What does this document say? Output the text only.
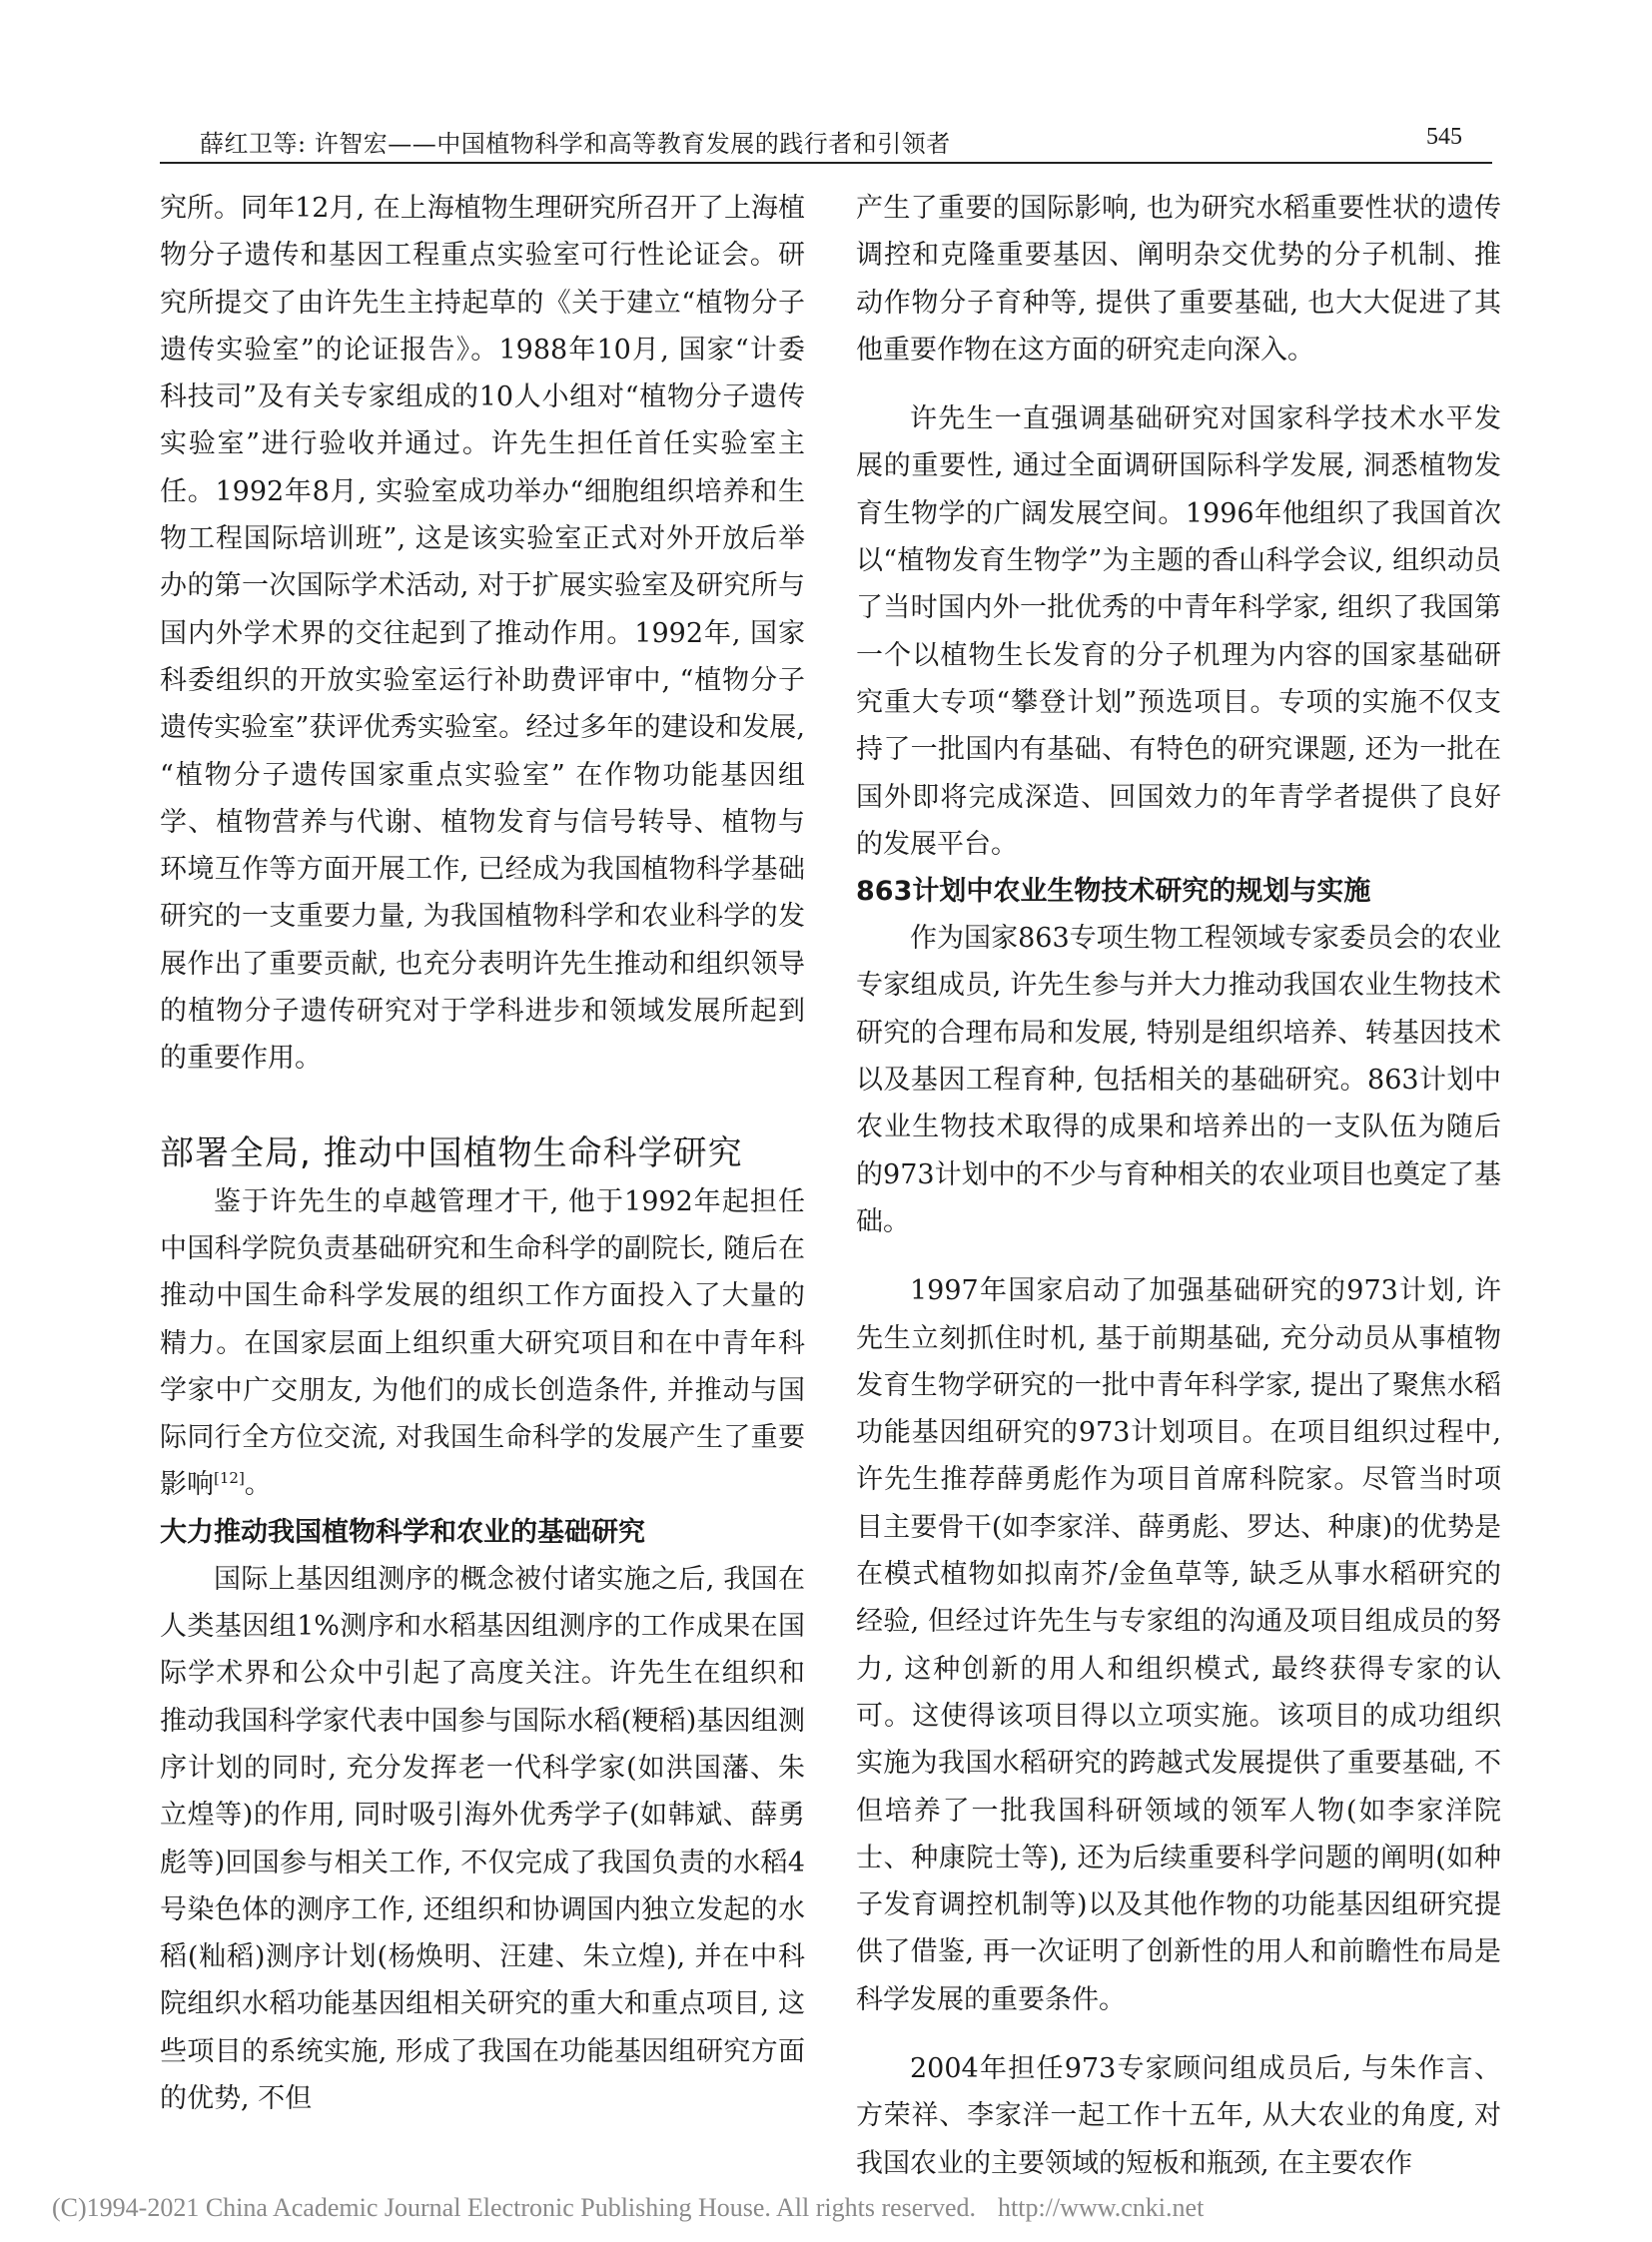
薛红卫等: 许智宏——中国植物科学和高等教育发展的践行者和引领者	545

究所。同年12月, 在上海植物生理研究所召开了上海植物分子遗传和基因工程重点实验室可行性论证会。研究所提交了由许先生主持起草的《关于建立“植物分子遗传实验室”的论证报告》。1988年10月, 国家“计委科技司”及有关专家组成的10人小组对“植物分子遗传实验室”进行验收并通过。许先生担任首任实验室主任。1992年8月, 实验室成功举办“细胞组织培养和生物工程国际培训班”, 这是该实验室正式对外开放后举办的第一次国际学术活动, 对于扩展实验室及研究所与国内外学术界的交往起到了推动作用。1992年, 国家科委组织的开放实验室运行补助费评审中, “植物分子遗传实验室”获评优秀实验室。经过多年的建设和发展, “植物分子遗传国家重点实验室” 在作物功能基因组学、植物营养与代谢、植物发育与信号转导、植物与环境互作等方面开展工作, 已经成为我国植物科学基础研究的一支重要力量, 为我国植物科学和农业科学的发展作出了重要贡献, 也充分表明许先生推动和组织领导的植物分子遗传研究对于学科进步和领域发展所起到的重要作用。

部署全局, 推动中国植物生命科学研究

鉴于许先生的卓越管理才干, 他于1992年起担任中国科学院负责基础研究和生命科学的副院长, 随后在推动中国生命科学发展的组织工作方面投入了大量的精力。在国家层面上组织重大研究项目和在中青年科学家中广交朋友, 为他们的成长创造条件, 并推动与国际同行全方位交流, 对我国生命科学的发展产生了重要影响[12]。

大力推动我国植物科学和农业的基础研究

国际上基因组测序的概念被付诸实施之后, 我国在人类基因组1%测序和水稻基因组测序的工作成果在国际学术界和公众中引起了高度关注。许先生在组织和推动我国科学家代表中国参与国际水稻(粳稻)基因组测序计划的同时, 充分发挥老一代科学家(如洪国藩、朱立煌等)的作用, 同时吸引海外优秀学子(如韩斌、薛勇彪等)回国参与相关工作, 不仅完成了我国负责的水稻4号染色体的测序工作, 还组织和协调国内独立发起的水稻(籼稻)测序计划(杨焕明、汪建、朱立煌), 并在中科院组织水稻功能基因组相关研究的重大和重点项目, 这些项目的系统实施, 形成了我国在功能基因组研究方面的优势, 不但

产生了重要的国际影响, 也为研究水稻重要性状的遗传调控和克隆重要基因、阐明杂交优势的分子机制、推动作物分子育种等, 提供了重要基础, 也大大促进了其他重要作物在这方面的研究走向深入。

许先生一直强调基础研究对国家科学技术水平发展的重要性, 通过全面调研国际科学发展, 洞悉植物发育生物学的广阔发展空间。1996年他组织了我国首次以“植物发育生物学”为主题的香山科学会议, 组织动员了当时国内外一批优秀的中青年科学家, 组织了我国第一个以植物生长发育的分子机理为内容的国家基础研究重大专项“攀登计划”预选项目。专项的实施不仅支持了一批国内有基础、有特色的研究课题, 还为一批在国外即将完成深造、回国效力的年青学者提供了良好的发展平台。

863计划中农业生物技术研究的规划与实施

作为国家863专项生物工程领域专家委员会的农业专家组成员, 许先生参与并大力推动我国农业生物技术研究的合理布局和发展, 特别是组织培养、转基因技术以及基因工程育种, 包括相关的基础研究。863计划中农业生物技术取得的成果和培养出的一支队伍为随后的973计划中的不少与育种相关的农业项目也奠定了基础。

1997年国家启动了加强基础研究的973计划, 许先生立刻抓住时机, 基于前期基础, 充分动员从事植物发育生物学研究的一批中青年科学家, 提出了聚焦水稻功能基因组研究的973计划项目。在项目组织过程中, 许先生推荐薛勇彪作为项目首席科院家。尽管当时项目主要骨干(如李家洋、薛勇彪、罗达、种康)的优势是在模式植物如拟南芥/金鱼草等, 缺乏从事水稻研究的经验, 但经过许先生与专家组的沟通及项目组成员的努力, 这种创新的用人和组织模式, 最终获得专家的认可。这使得该项目得以立项实施。该项目的成功组织实施为我国水稻研究的跨越式发展提供了重要基础, 不但培养了一批我国科研领域的领军人物(如李家洋院士、种康院士等), 还为后续重要科学问题的阐明(如种子发育调控机制等)以及其他作物的功能基因组研究提供了借鉴, 再一次证明了创新性的用人和前瞻性布局是科学发展的重要条件。

2004年担任973专家顾问组成员后, 与朱作言、方荣祥、李家洋一起工作十五年, 从大农业的角度, 对我国农业的主要领域的短板和瓶颈, 在主要农作

(C)1994-2021 China Academic Journal Electronic Publishing House. All rights reserved. http://www.cnki.net
